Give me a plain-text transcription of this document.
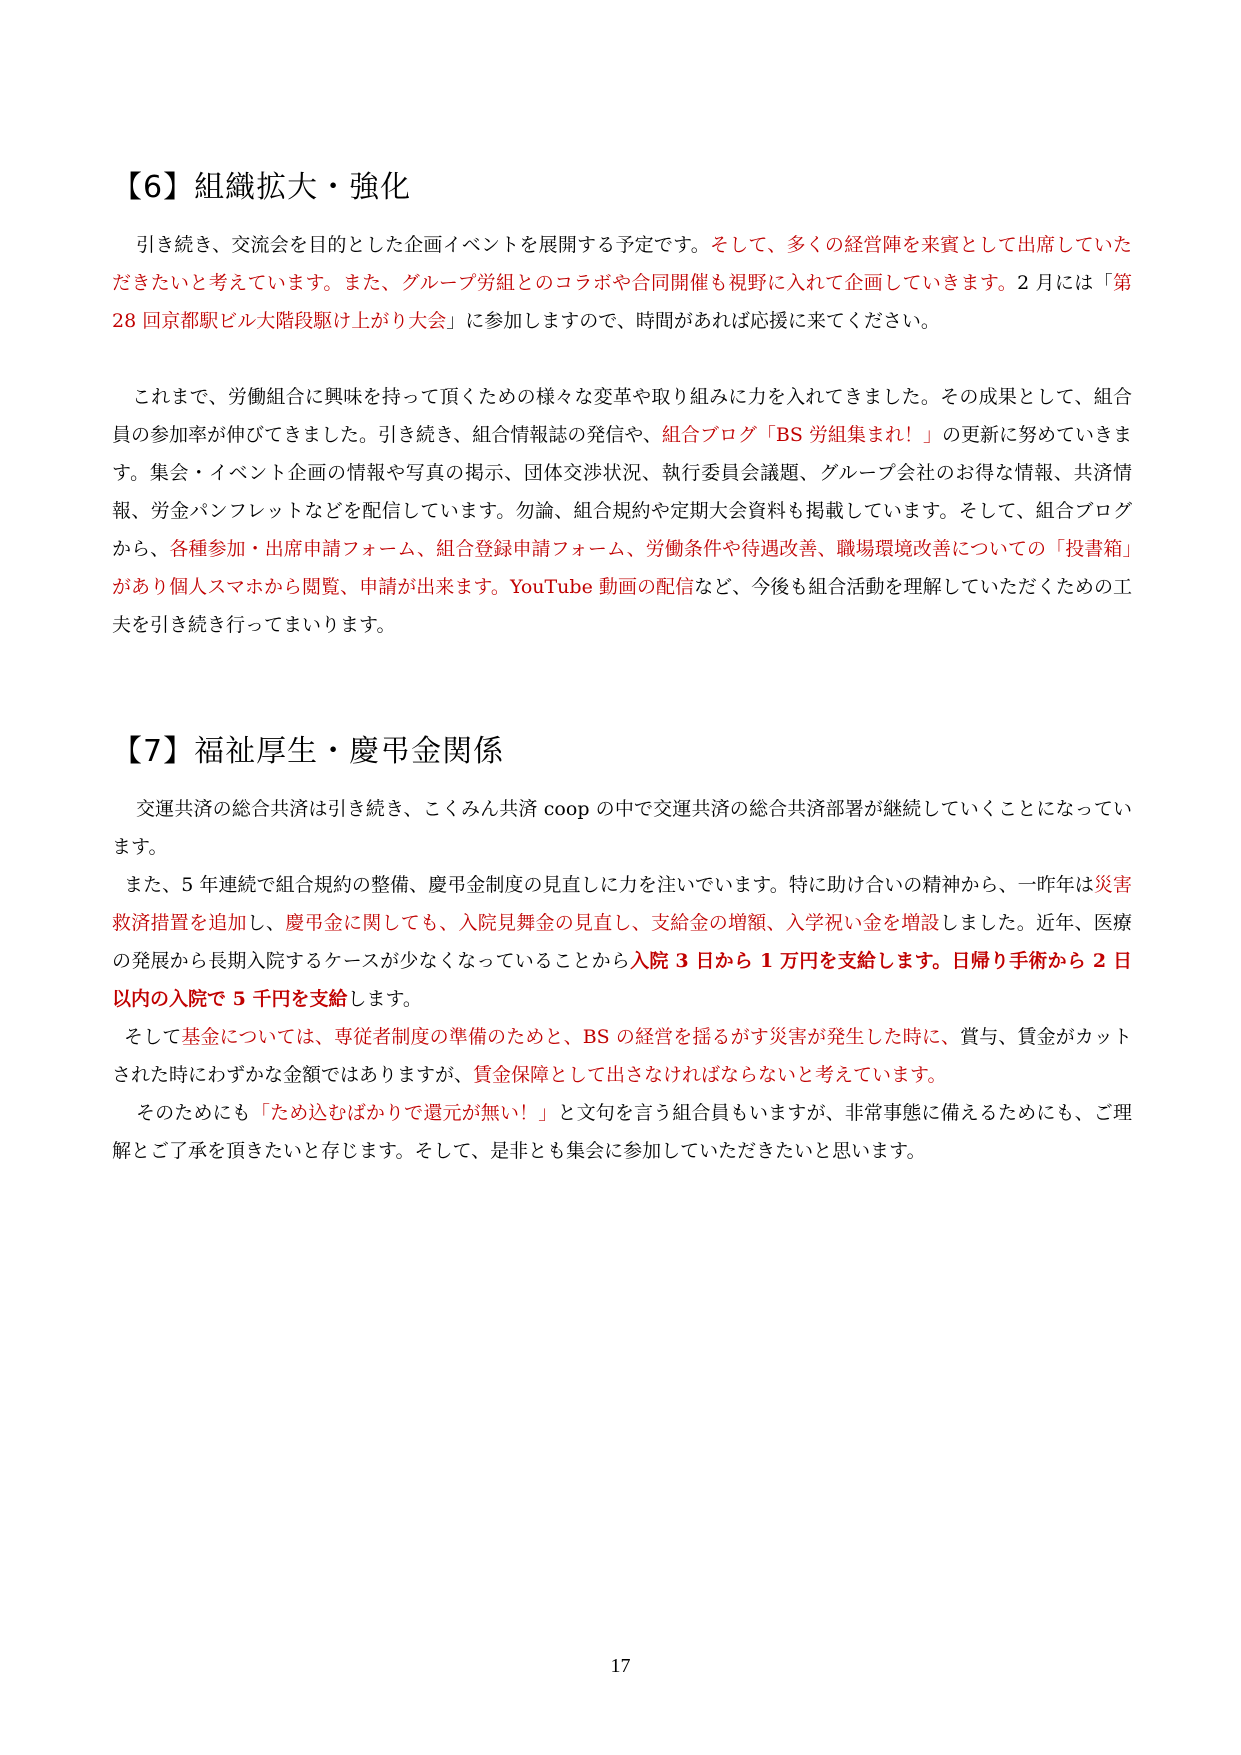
【6】組織拡大・強化

引き続き、交流会を目的とした企画イベントを展開する予定です。そして、多くの経営陣を来賓として出席していただきたいと考えています。また、グループ労組とのコラボや合同開催も視野に入れて企画していきます。2 月には「第 28 回京都駅ビル大階段駆け上がり大会」に参加しますので、時間があれば応援に来てください。

これまで、労働組合に興味を持って頂くための様々な変革や取り組みに力を入れてきました。その成果として、組合員の参加率が伸びてきました。引き続き、組合情報誌の発信や、組合ブログ「BS 労組集まれ！」の更新に努めていきます。集会・イベント企画の情報や写真の掲示、団体交渉状況、執行委員会議題、グループ会社のお得な情報、共済情報、労金パンフレットなどを配信しています。勿論、組合規約や定期大会資料も掲載しています。そして、組合ブログから、各種参加・出席申請フォーム、組合登録申請フォーム、労働条件や待遇改善、職場環境改善についての「投書箱」があり個人スマホから閲覧、申請が出来ます。YouTube 動画の配信など、今後も組合活動を理解していただくための工夫を引き続き行ってまいります。

【7】福祉厚生・慶弔金関係

交運共済の総合共済は引き続き、こくみん共済 coop の中で交運共済の総合共済部署が継続していくことになっています。

また、5 年連続で組合規約の整備、慶弔金制度の見直しに力を注いでいます。特に助け合いの精神から、一昨年は災害救済措置を追加し、慶弔金に関しても、入院見舞金の見直し、支給金の増額、入学祝い金を増設しました。近年、医療の発展から長期入院するケースが少なくなっていることから入院 3 日から 1 万円を支給します。日帰り手術から 2 日以内の入院で 5 千円を支給します。

そして基金については、専従者制度の準備のためと、BS の経営を揺るがす災害が発生した時に、賞与、賃金がカットされた時にわずかな金額ではありますが、賃金保障として出さなければならないと考えています。

そのためにも「ため込むばかりで還元が無い！」と文句を言う組合員もいますが、非常事態に備えるためにも、ご理解とご了承を頂きたいと存じます。そして、是非とも集会に参加していただきたいと思います。

17
